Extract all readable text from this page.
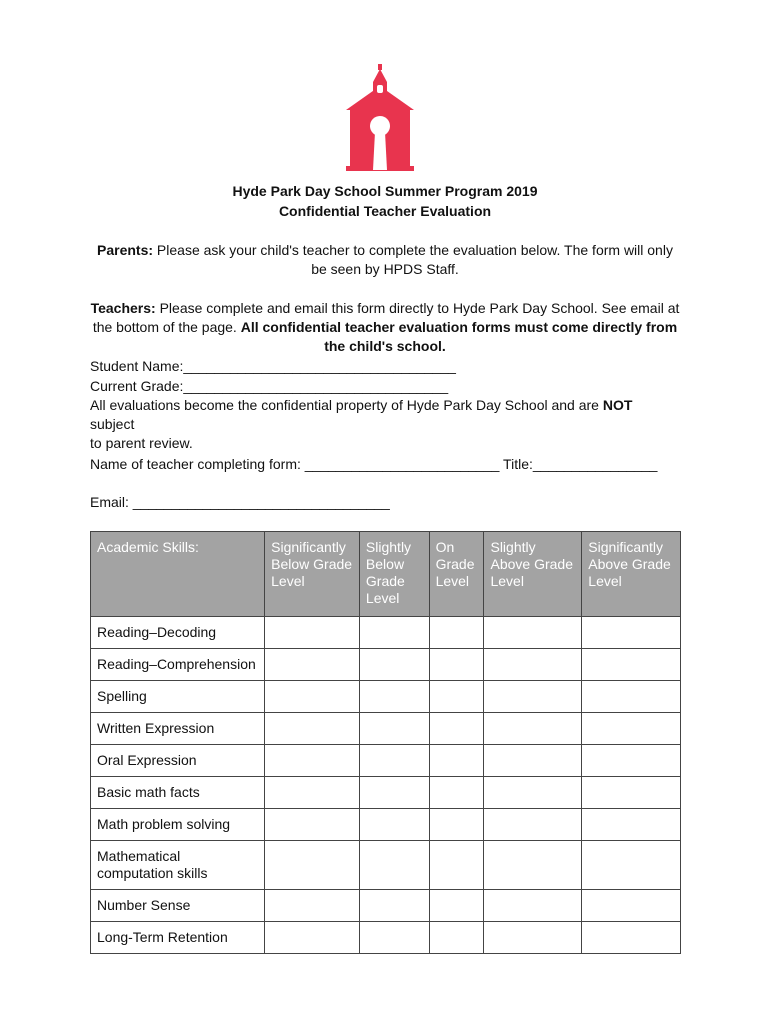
Hyde Park Day School Summer Program 2019
Confidential Teacher Evaluation
Parents: Please ask your child's teacher to complete the evaluation below. The form will only
be seen by HPDS Staff.
Teachers: Please complete and email this form directly to Hyde Park Day School. See email at
the bottom of the page. All confidential teacher evaluation forms must come directly from
the child's school.
Student Name:___________________________________
Current Grade:__________________________________
All evaluations become the confidential property of Hyde Park Day School and are NOT subject
to parent review.
Name of teacher completing form: _________________________ Title:________________
Email: _________________________________
Academic Skills:	Significantly Below Grade Level	Slightly Below Grade Level	On Grade Level	Slightly Above Grade Level	Significantly Above Grade Level
Reading–Decoding					
Reading–Comprehension					
Spelling					
Written Expression					
Oral Expression					
Basic math facts					
Math problem solving					
Mathematical computation skills					
Number Sense					
Long-Term Retention					
